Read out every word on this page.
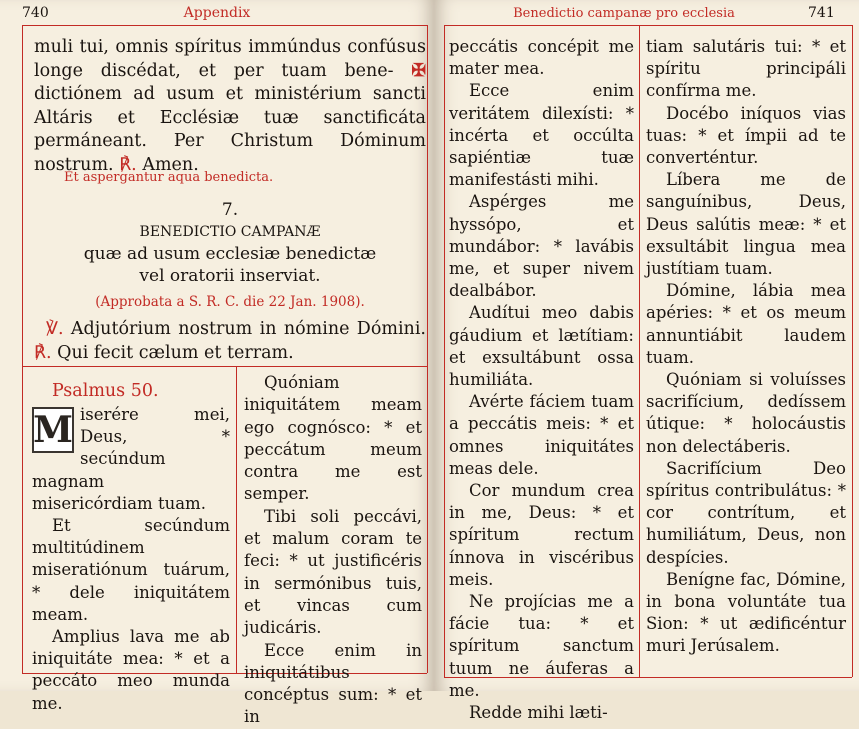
740	Appendix
muli tui, omnis spíritus immúndus confúsus longe discédat, et per tuam bene- ✠ dictiónem ad usum et ministérium sancti Altáris et Ecclésiæ tuæ sanctificáta permáneant. Per Christum Dóminum nostrum. ℟. Amen.
Et aspergantur aqua benedicta.
7.
BENEDICTIO CAMPANÆ
quæ ad usum ecclesiæ benedictæ
vel oratorii inserviat.
(Approbata a S. R. C. die 22 Jan. 1908).
℣. Adjutórium nostrum in nómine Dómini. ℟. Qui fecit cælum et terram.
Psalmus 50.

M iserére mei, Deus, * secúndum magnam misericórdiam tuam.

Et secúndum multitúdinem miseratiónum tuárum, * dele iniquitátem meam.

Amplius lava me ab iniquitáte mea: * et a peccáto meo munda me.

Quóniam iniquitátem meam ego cognósco: * et peccátum meum contra me est semper.

Tibi soli peccávi, et malum coram te feci: * ut justificéris in sermónibus tuis, et vincas cum judicáris.

Ecce enim in iniquitátibus concéptus sum: * et in

Benedictio campanæ pro ecclesia	741

peccátis concépit me mater mea.

Ecce enim veritátem dilexísti: * incérta et occúlta sapiéntiæ tuæ manifestásti mihi.

Aspérges me hyssópo, et mundábor: * lavábis me, et super nivem dealbábor.

Audítui meo dabis gáudium et lætítiam: et exsultábunt ossa humiliáta.

Avérte fáciem tuam a peccátis meis: * et omnes iniquitátes meas dele.

Cor mundum crea in me, Deus: * et spíritum rectum ínnova in viscéribus meis.

Ne projícias me a fácie tua: * et spíritum sanctum tuum ne áuferas a me.

Redde mihi læti-

tiam salutáris tui: * et spíritu principáli confírma me.

Docébo iníquos vias tuas: * et ímpii ad te converténtur.

Líbera me de sanguínibus, Deus, Deus salútis meæ: * et exsultábit lingua mea justítiam tuam.

Dómine, lábia mea apéries: * et os meum annuntiábit laudem tuam.

Quóniam si voluísses sacrifícium, dedíssem útique: * holocáustis non delectáberis.

Sacrifícium Deo spíritus contribulátus: * cor contrítum, et humiliátum, Deus, non despícies.

Benígne fac, Dómine, in bona voluntáte tua Sion: * ut ædificéntur muri Jerúsalem.
